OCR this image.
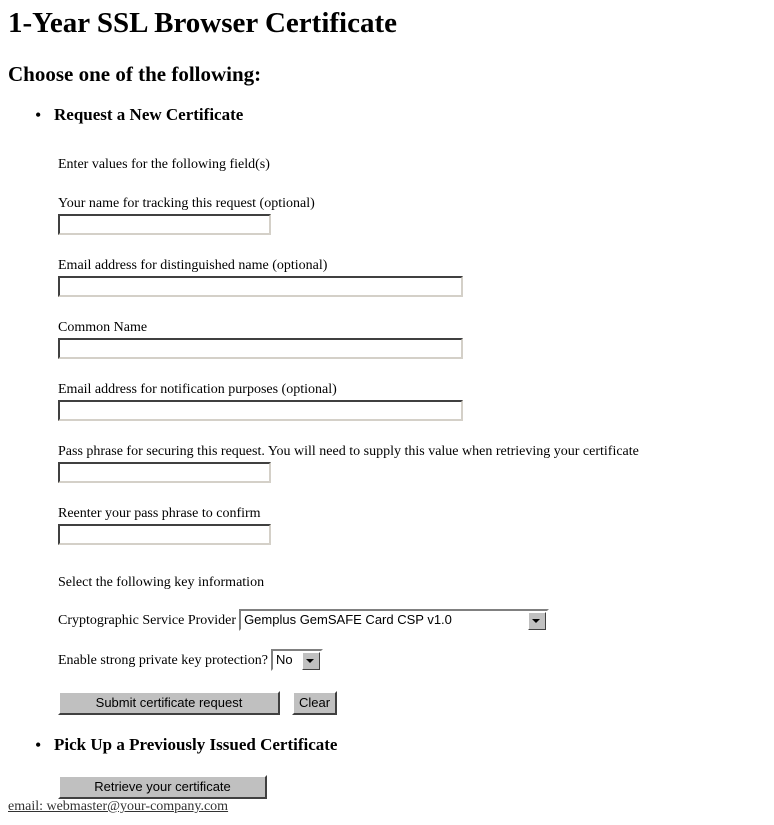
1-Year SSL Browser Certificate
Choose one of the following:
• Request a New Certificate
Enter values for the following field(s)
Your name for tracking this request (optional)
Email address for distinguished name (optional)
Common Name
Email address for notification purposes (optional)
Pass phrase for securing this request. You will need to supply this value when retrieving your certificate
Reenter your pass phrase to confirm
Select the following key information
Cryptographic Service Provider Gemplus GemSAFE Card CSP v1.0
Enable strong private key protection? No
Submit certificate request	Clear
• Pick Up a Previously Issued Certificate
Retrieve your certificate
email: webmaster@your-company.com
